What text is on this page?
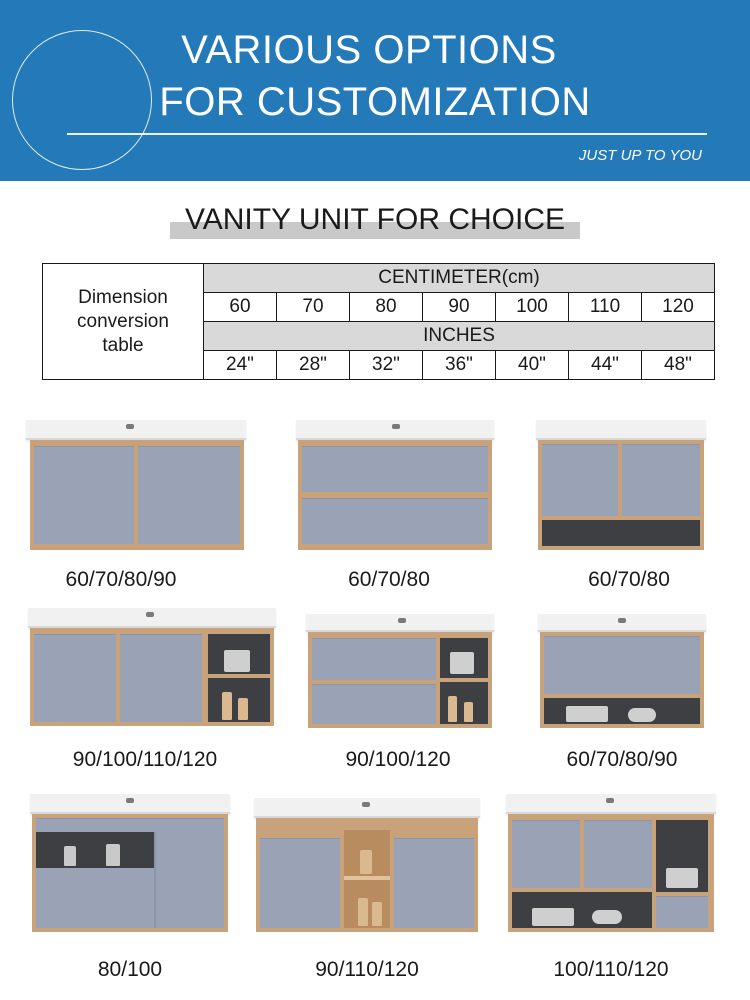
VARIOUS OPTIONS
FOR CUSTOMIZATION
JUST UP TO YOU
VANITY UNIT FOR CHOICE
Dimension
conversion
table	CENTIMETER(cm)						
	60	70	80	90	100	110	120
	INCHES						
	24"	28"	32"	36"	40"	44"	48"
60/70/80/90	60/70/80	60/70/80
90/100/110/120	90/100/120	60/70/80/90
80/100	90/110/120	100/110/120
